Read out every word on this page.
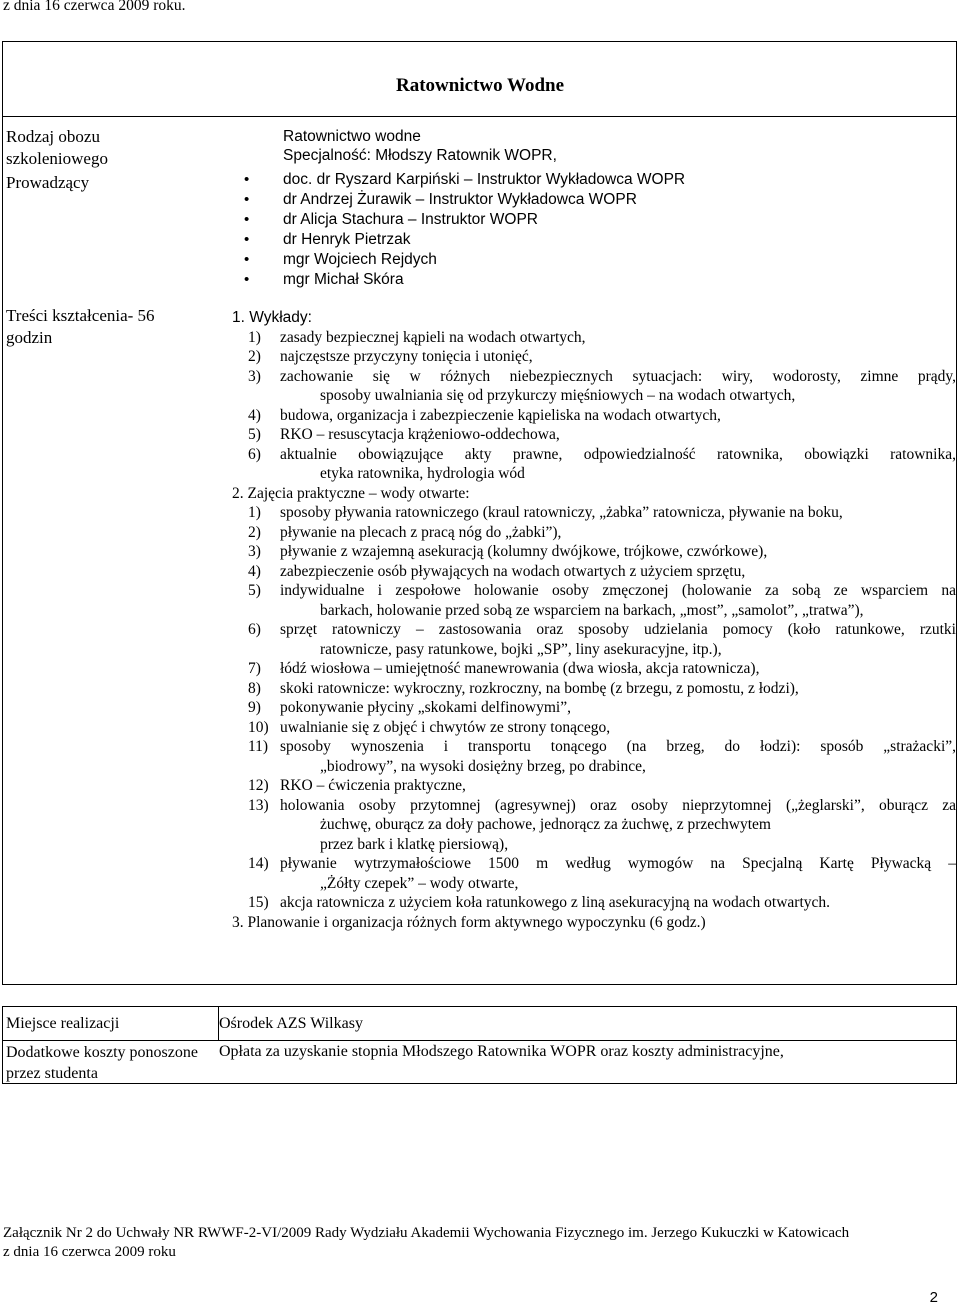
z dnia 16 czerwca 2009 roku.
Ratownictwo Wodne
Rodzaj obozu
szkoleniowego
Ratownictwo wodne
Specjalność: Młodszy Ratownik WOPR,
Prowadzący
•	doc. dr Ryszard Karpiński – Instruktor Wykładowca WOPR
• dr Andrzej Żurawik – Instruktor Wykładowca WOPR
• dr Alicja Stachura – Instruktor WOPR
• dr Henryk Pietrzak
• mgr Wojciech Rejdych
• mgr Michał Skóra
Treści kształcenia- 56
godzin
1. Wykłady:
1) zasady bezpiecznej kąpieli na wodach otwartych,
2) najczęstsze przyczyny tonięcia i utonięć,
3) zachowanie się w różnych niebezpiecznych sytuacjach: wiry, wodorosty, zimne prądy,
sposoby uwalniania się od przykurczy mięśniowych – na wodach otwartych,
4) budowa, organizacja i zabezpieczenie kąpieliska na wodach otwartych,
5) RKO – resuscytacja krążeniowo-oddechowa,
6) aktualnie obowiązujące akty prawne, odpowiedzialność ratownika, obowiązki ratownika,
etyka ratownika, hydrologia wód
2. Zajęcia praktyczne – wody otwarte:
1) sposoby pływania ratowniczego (kraul ratowniczy, „żabka” ratownicza, pływanie na boku,
2) pływanie na plecach z pracą nóg do „żabki”),
3) pływanie z wzajemną asekuracją (kolumny dwójkowe, trójkowe, czwórkowe),
4) zabezpieczenie osób pływających na wodach otwartych z użyciem sprzętu,
5) indywidualne i zespołowe holowanie osoby zmęczonej (holowanie za sobą ze wsparciem na
barkach, holowanie przed sobą ze wsparciem na barkach, „most”, „samolot”, „tratwa”),
6) sprzęt ratowniczy – zastosowania oraz sposoby udzielania pomocy (koło ratunkowe, rzutki
ratownicze, pasy ratunkowe, bojki „SP”, liny asekuracyjne, itp.),
7) łódź wiosłowa – umiejętność manewrowania (dwa wiosła, akcja ratownicza),
8) skoki ratownicze: wykroczny, rozkroczny, na bombę (z brzegu, z pomostu, z łodzi),
9) pokonywanie płyciny „skokami delfinowymi”,
10) uwalnianie się z objęć i chwytów ze strony tonącego,
11) sposoby wynoszenia i transportu tonącego (na brzeg, do łodzi): sposób „strażacki”,
„biodrowy”, na wysoki dosiężny brzeg, po drabince,
12) RKO – ćwiczenia praktyczne,
13) holowania osoby przytomnej (agresywnej) oraz osoby nieprzytomnej („żeglarski”, oburącz za
żuchwę, oburącz za doły pachowe, jednorącz za żuchwę, z przechwytem
przez bark i klatkę piersiową),
14) pływanie wytrzymałościowe 1500 m według wymogów na Specjalną Kartę Pływacką –
„Żółty czepek” – wody otwarte,
15) akcja ratownicza z użyciem koła ratunkowego z liną asekuracyjną na wodach otwartych.
3. Planowanie i organizacja różnych form aktywnego wypoczynku (6 godz.)
Miejsce realizacji	Ośrodek AZS Wilkasy
Dodatkowe koszty ponoszone
przez studenta
Opłata za uzyskanie stopnia Młodszego Ratownika WOPR oraz koszty administracyjne,
Załącznik Nr 2 do Uchwały NR RWWF-2-VI/2009 Rady Wydziału Akademii Wychowania Fizycznego im. Jerzego Kukuczki w Katowicach
z dnia 16 czerwca 2009 roku
2
